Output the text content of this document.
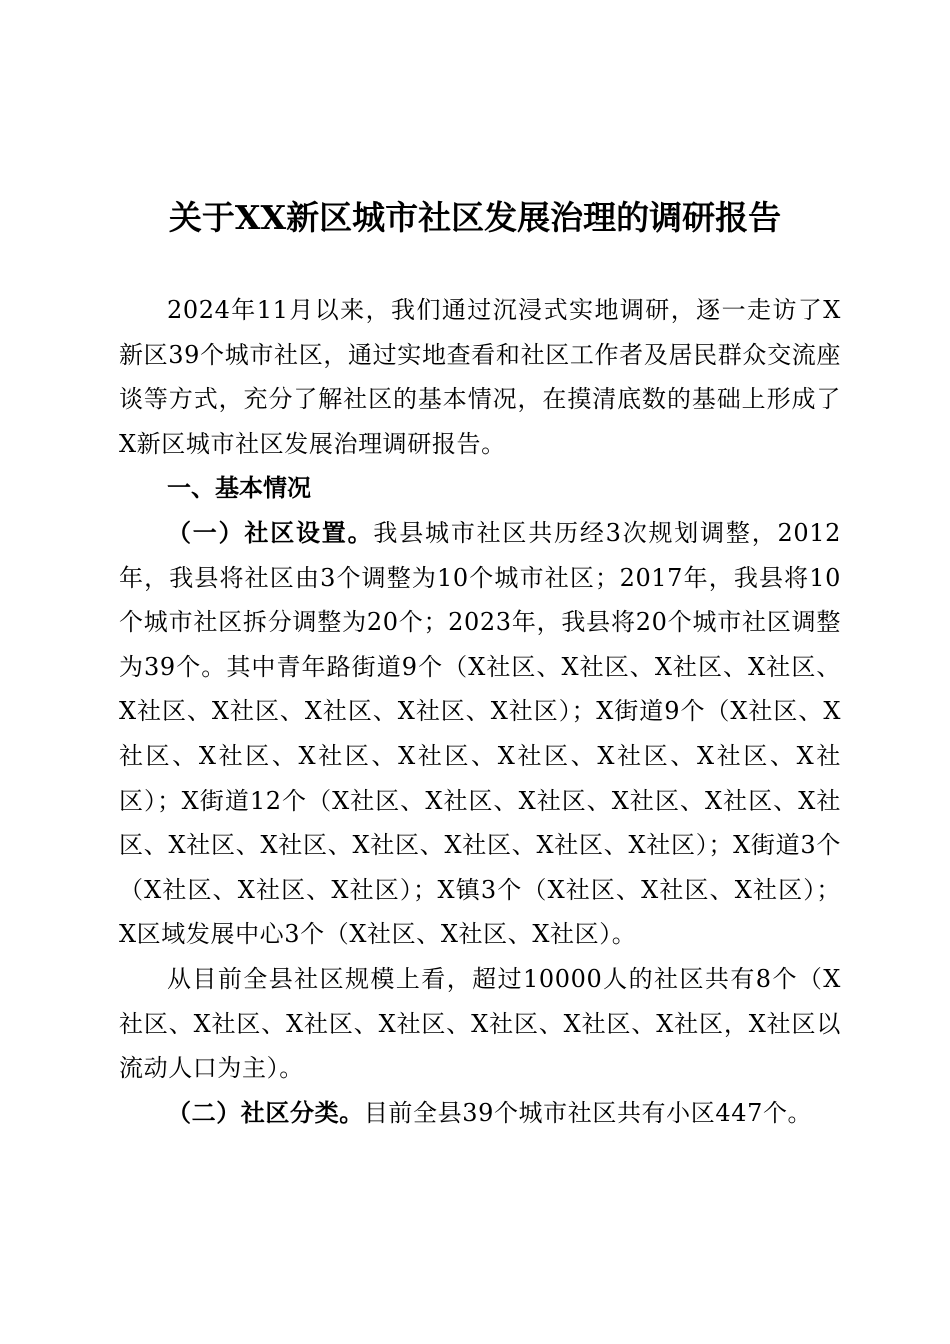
关于XX新区城市社区发展治理的调研报告

2024年11月以来，我们通过沉浸式实地调研，逐一走访了X新区39个城市社区，通过实地查看和社区工作者及居民群众交流座谈等方式，充分了解社区的基本情况，在摸清底数的基础上形成了X新区城市社区发展治理调研报告。

一、基本情况

（一）社区设置。我县城市社区共历经3次规划调整，2012年，我县将社区由3个调整为10个城市社区；2017年，我县将10个城市社区拆分调整为20个；2023年，我县将20个城市社区调整为39个。其中青年路街道9个（X社区、X社区、X社区、X社区、X社区、X社区、X社区、X社区、X社区）；X街道9个（X社区、X社区、X社区、X社区、X社区、X社区、X社区、X社区、X社区）；X街道12个（X社区、X社区、X社区、X社区、X社区、X社区、X社区、X社区、X社区、X社区、X社区、X社区）；X街道3个（X社区、X社区、X社区）；X镇3个（X社区、X社区、X社区）；X区域发展中心3个（X社区、X社区、X社区）。

从目前全县社区规模上看，超过10000人的社区共有8个（X社区、X社区、X社区、X社区、X社区、X社区、X社区，X社区以流动人口为主）。

（二）社区分类。目前全县39个城市社区共有小区447个。
